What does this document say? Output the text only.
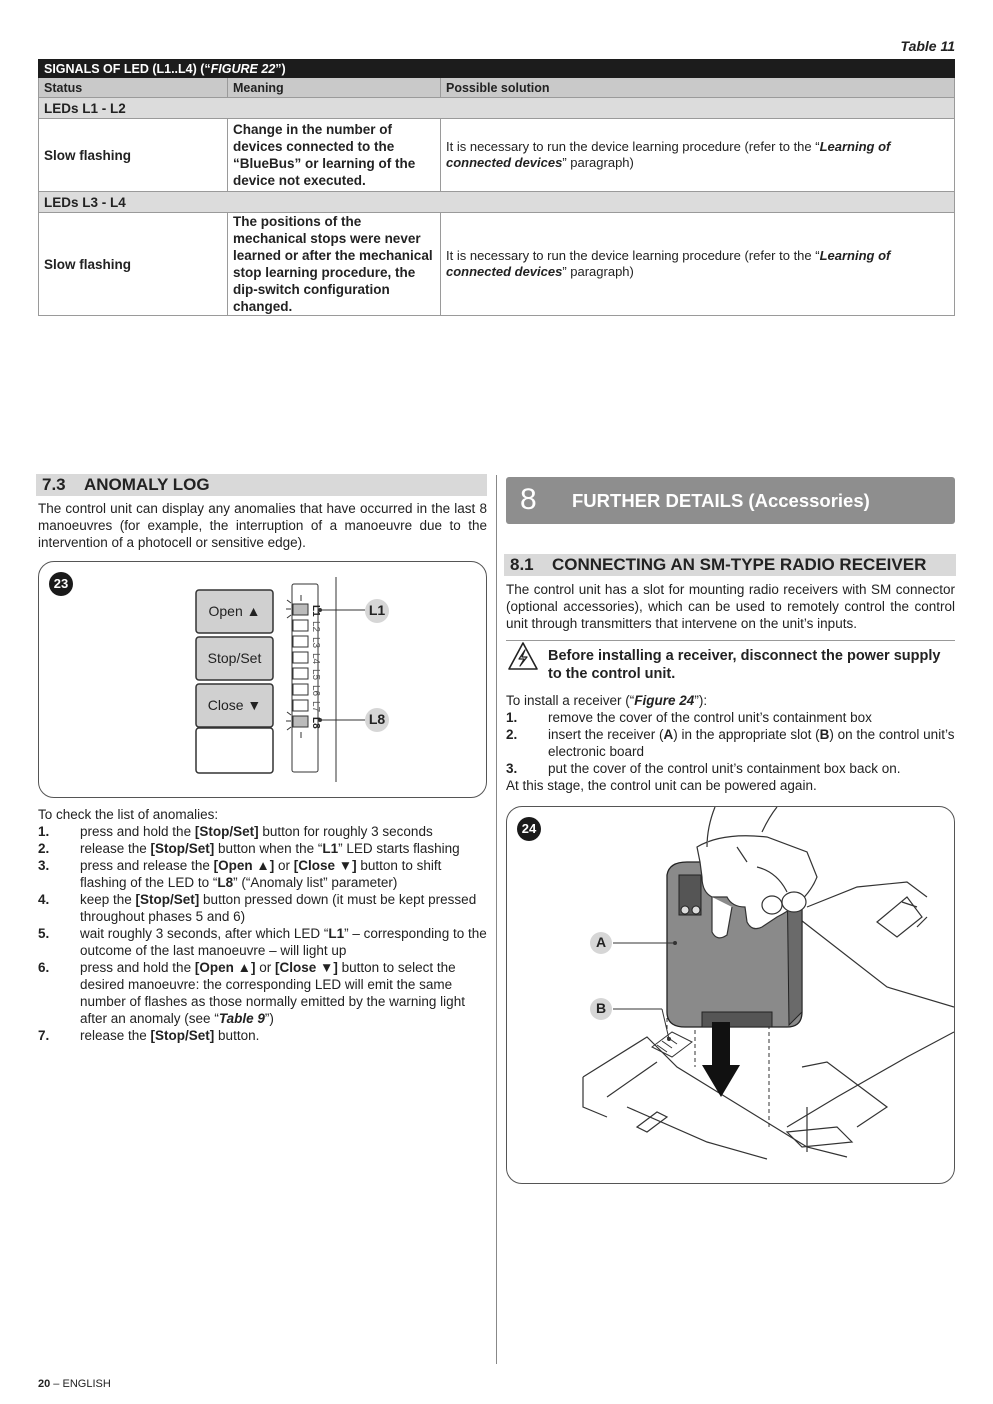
Table 11
SIGNALS OF LED (L1..L4) (“FIGURE 22”)		
Status	Meaning	Possible solution
LEDs L1 - L2		
Slow flashing	Change in the number of devices connected to the “BlueBus” or learning of the device not executed.	It is necessary to run the device learning procedure (refer to the “Learning of connected devices” paragraph)
LEDs L3 - L4		
Slow flashing	The positions of the mechanical stops were never learned or after the mechanical stop learning procedure, the dip-switch configuration changed.	It is necessary to run the device learning procedure (refer to the “Learning of connected devices” paragraph)
7.3 ANOMALY LOG
The control unit can display any anomalies that have occurred in the last 8 manoeuvres (for example, the interruption of a manoeuvre due to the intervention of a photocell or sensitive edge).
23
Open ▲
Stop/Set
Close ▼
L1
L2
L3
L4
L5
L6
L7
L8
L1
L8
To check the list of anomalies:
1. press and hold the [Stop/Set] button for roughly 3 seconds
2. release the [Stop/Set] button when the “L1” LED starts flashing
3. press and release the [Open ▲] or [Close ▼] button to shift flashing of the LED to “L8” (“Anomaly list” parameter)
4. keep the [Stop/Set] button pressed down (it must be kept pressed throughout phases 5 and 6)
5. wait roughly 3 seconds, after which LED “L1” – corresponding to the outcome of the last manoeuvre – will light up
6. press and hold the [Open ▲] or [Close ▼] button to select the desired manoeuvre: the corresponding LED will emit the same number of flashes as those normally emitted by the warning light after an anomaly (see “Table 9”)
7. release the [Stop/Set] button.
8 FURTHER DETAILS (Accessories)
8.1 CONNECTING AN SM-TYPE RADIO RECEIVER
The control unit has a slot for mounting radio receivers with SM connector (optional accessories), which can be used to remotely control the control unit through transmitters that intervene on the unit’s inputs.
Before installing a receiver, disconnect the power supply to the control unit.
To install a receiver (“Figure 24”):
1. remove the cover of the control unit’s containment box
2. insert the receiver (A) in the appropriate slot (B) on the control unit’s electronic board
3. put the cover of the control unit’s containment box back on.
At this stage, the control unit can be powered again.
24
A
B
20 – ENGLISH
